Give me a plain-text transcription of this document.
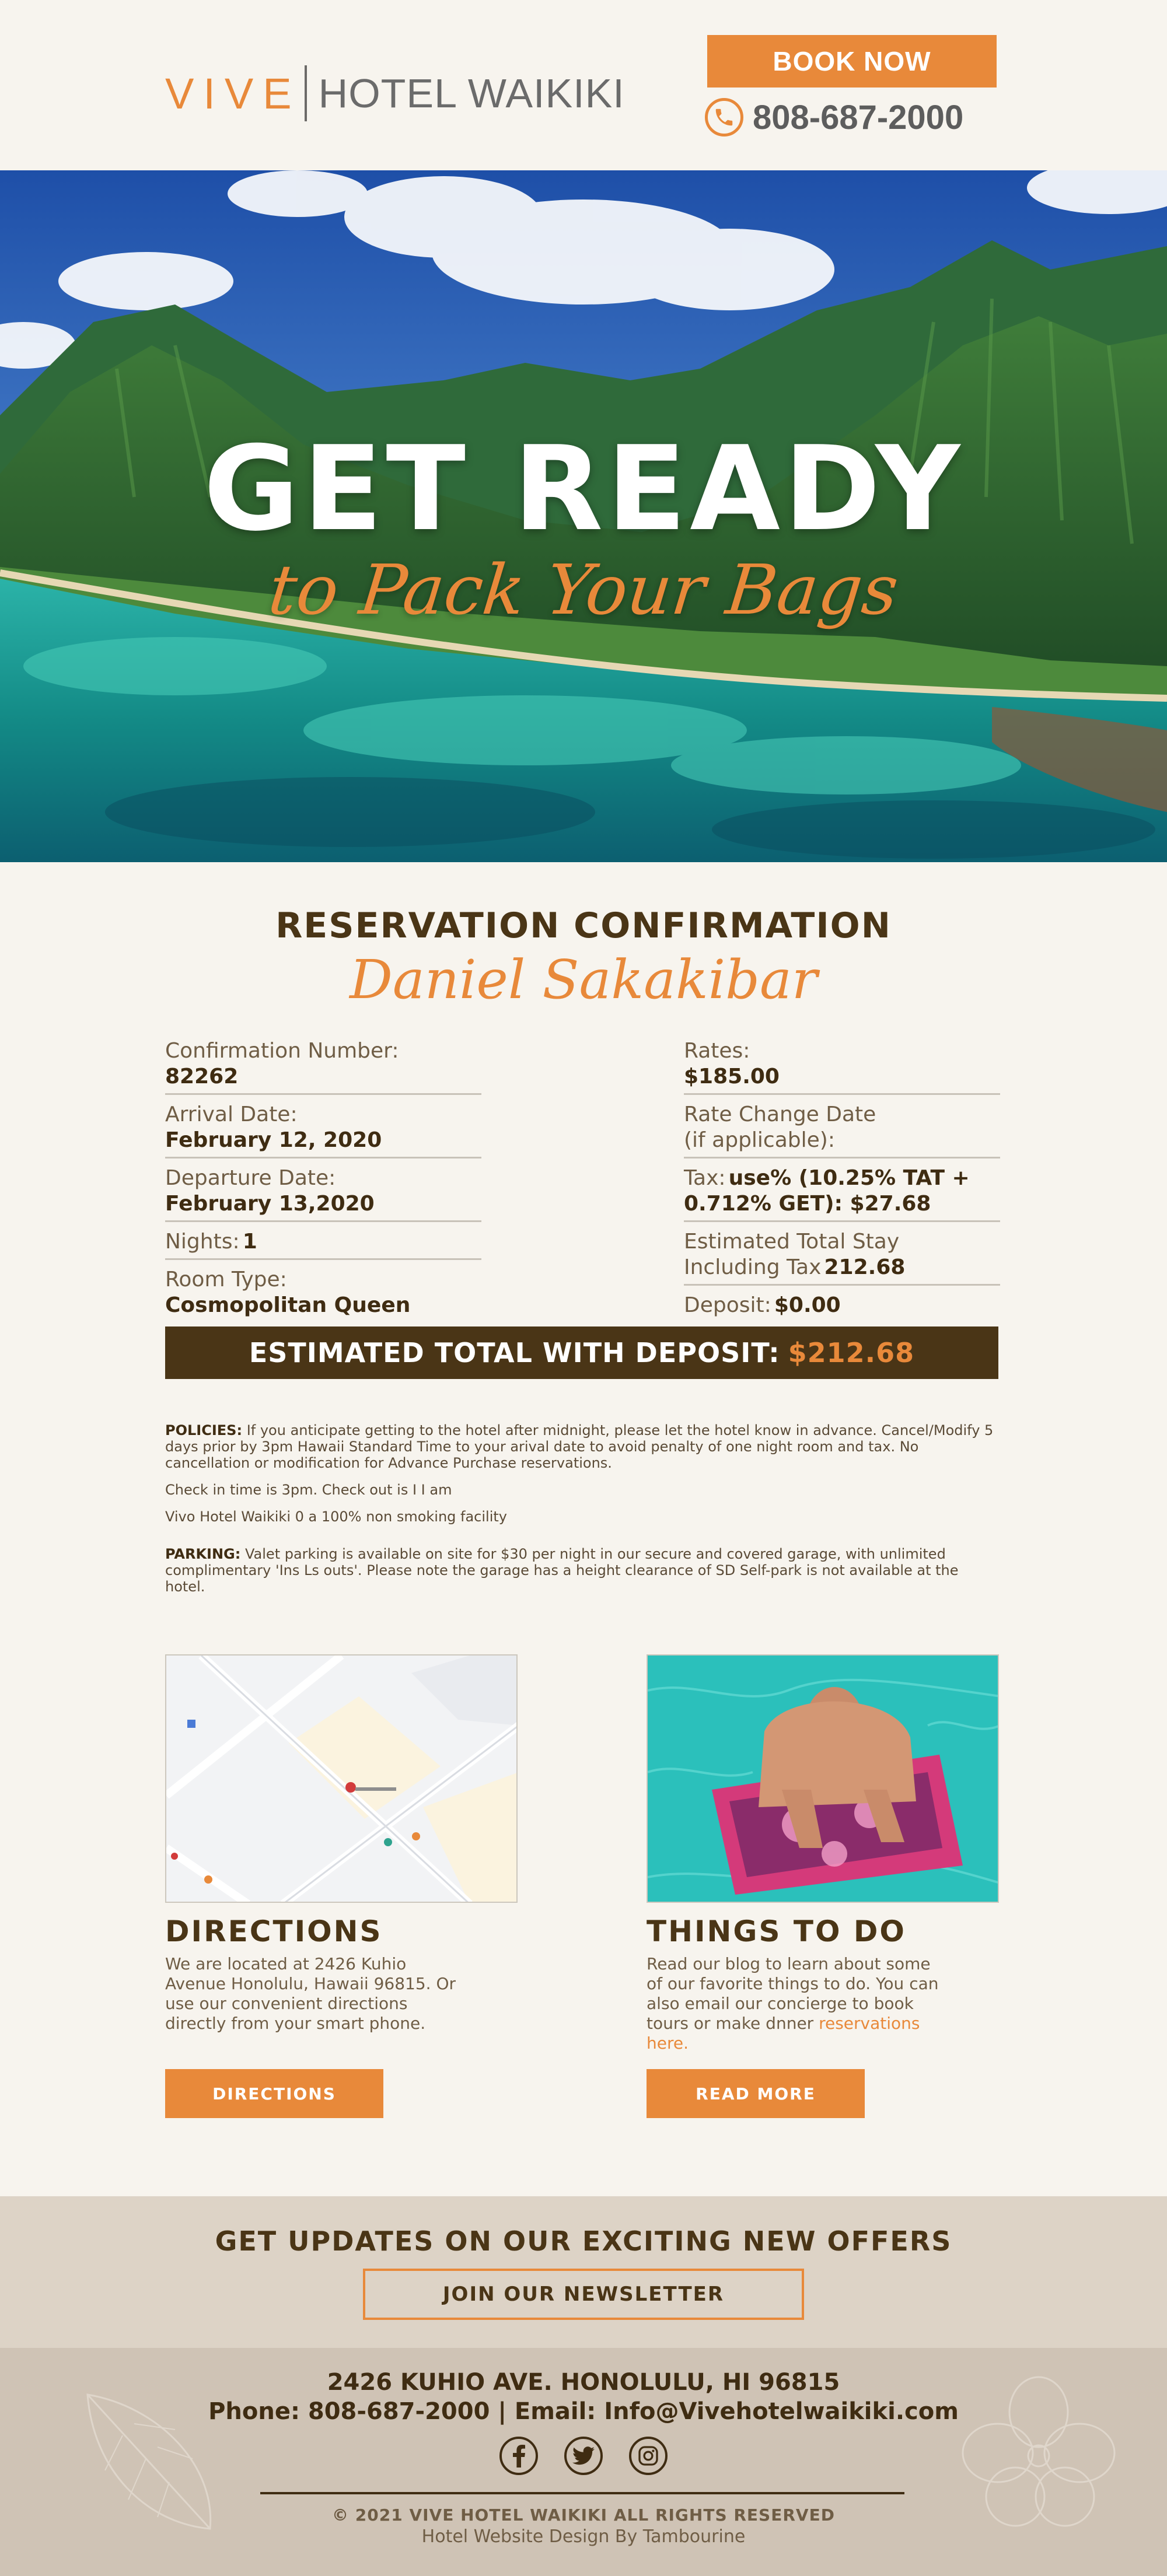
VIVE HOTEL WAIKIKI
BOOK NOW
808-687-2000
GET READY
to Pack Your Bags
RESERVATION CONFIRMATION
Daniel Sakakibar
Confirmation Number:
82262
Arrival Date:
February 12, 2020
Departure Date:
February 13,2020
Nights: 1
Room Type:
Cosmopolitan Queen
Rates:
$185.00
Rate Change Date
(if applicable):
Tax: use% (10.25% TAT + 0.712% GET): $27.68
Estimated Total Stay Including Tax 212.68
Deposit: $0.00
ESTIMATED TOTAL WITH DEPOSIT: $212.68
POLICIES: If you anticipate getting to the hotel after midnight, please let the hotel know in advance. Cancel/Modify 5 days prior by 3pm Hawaii Standard Time to your arival date to avoid penalty of one night room and tax. No cancellation or modification for Advance Purchase reservations.
Check in time is 3pm. Check out is I I am
Vivo Hotel Waikiki 0 a 100% non smoking facility
PARKING: Valet parking is available on site for $30 per night in our secure and covered garage, with unlimited complimentary 'Ins Ls outs'. Please note the garage has a height clearance of SD Self-park is not available at the hotel.
DIRECTIONS
We are located at 2426 Kuhio Avenue Honolulu, Hawaii 96815. Or use our convenient directions directly from your smart phone.
DIRECTIONS
THINGS TO DO
Read our blog to learn about some of our favorite things to do. You can also email our concierge to book tours or make dnner reservations here.
READ MORE
GET UPDATES ON OUR EXCITING NEW OFFERS
JOIN OUR NEWSLETTER
2426 KUHIO AVE. HONOLULU, HI 96815
Phone: 808-687-2000 | Email: Info@Vivehotelwaikiki.com
© 2021 VIVE HOTEL WAIKIKI ALL RIGHTS RESERVED
Hotel Website Design By Tambourine
